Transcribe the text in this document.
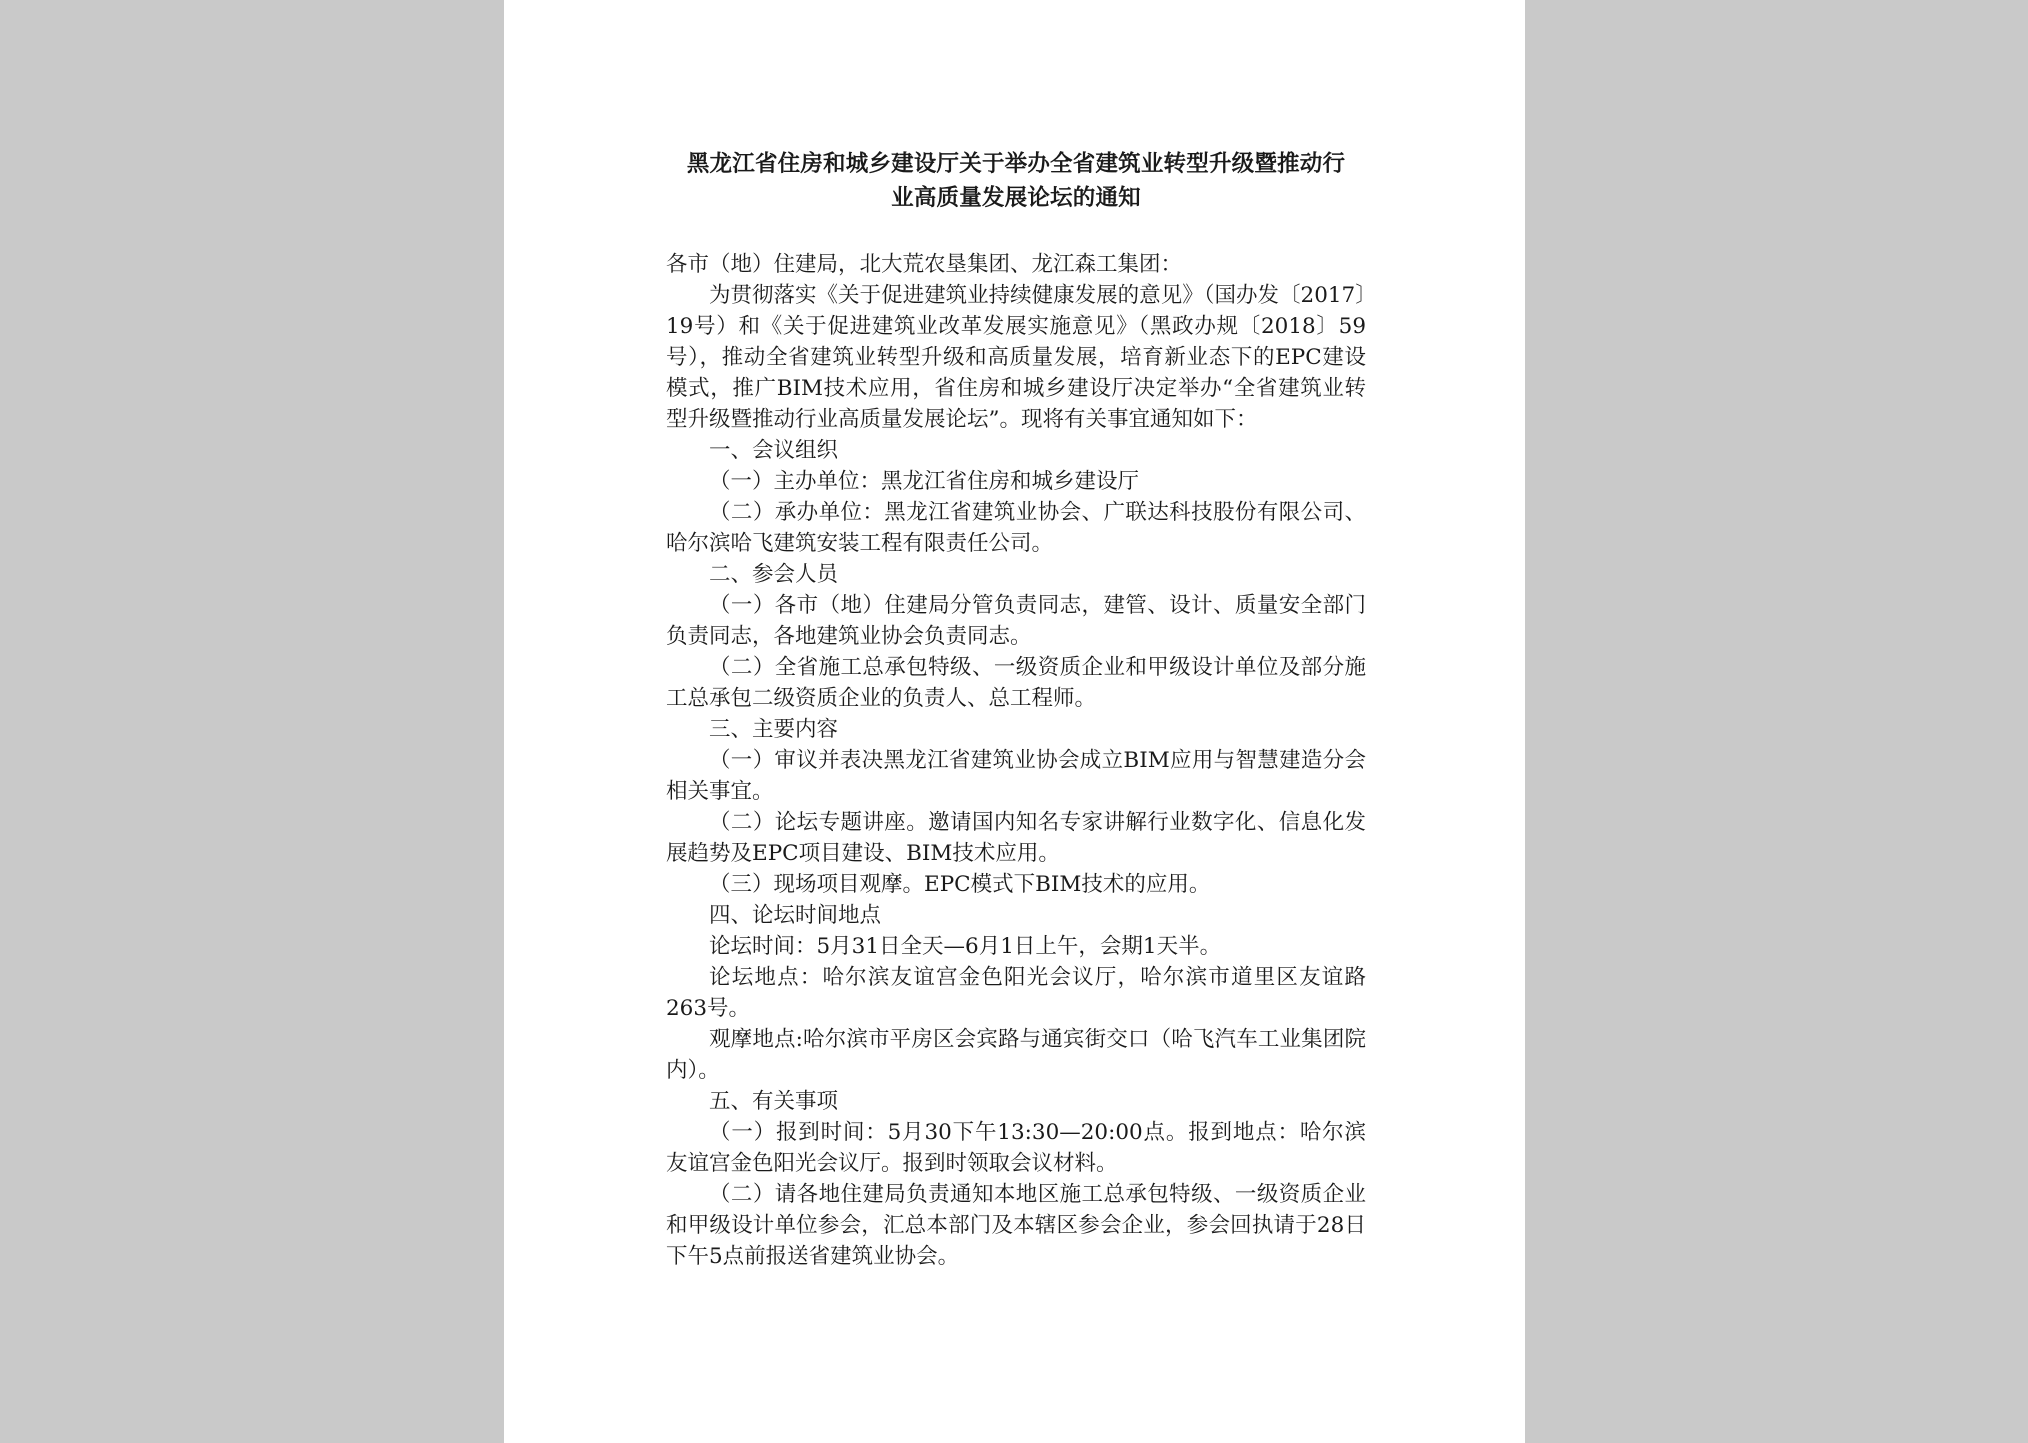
黑龙江省住房和城乡建设厅关于举办全省建筑业转型升级暨推动行
业高质量发展论坛的通知

各市（地）住建局，北大荒农垦集团、龙江森工集团：

为贯彻落实《关于促进建筑业持续健康发展的意见》（国办发〔2017〕19号）和《关于促进建筑业改革发展实施意见》（黑政办规〔2018〕59号），推动全省建筑业转型升级和高质量发展，培育新业态下的EPC建设模式，推广BIM技术应用，省住房和城乡建设厅决定举办“全省建筑业转型升级暨推动行业高质量发展论坛”。现将有关事宜通知如下：

一、会议组织

（一）主办单位：黑龙江省住房和城乡建设厅

（二）承办单位：黑龙江省建筑业协会、广联达科技股份有限公司、哈尔滨哈飞建筑安装工程有限责任公司。

二、参会人员

（一）各市（地）住建局分管负责同志，建管、设计、质量安全部门负责同志，各地建筑业协会负责同志。

（二）全省施工总承包特级、一级资质企业和甲级设计单位及部分施工总承包二级资质企业的负责人、总工程师。

三、主要内容

（一）审议并表决黑龙江省建筑业协会成立BIM应用与智慧建造分会相关事宜。

（二）论坛专题讲座。邀请国内知名专家讲解行业数字化、信息化发展趋势及EPC项目建设、BIM技术应用。

（三）现场项目观摩。EPC模式下BIM技术的应用。

四、论坛时间地点

论坛时间：5月31日全天—6月1日上午，会期1天半。

论坛地点：哈尔滨友谊宫金色阳光会议厅，哈尔滨市道里区友谊路263号。

观摩地点:哈尔滨市平房区会宾路与通宾街交口（哈飞汽车工业集团院内）。

五、有关事项

（一）报到时间：5月30下午13:30—20:00点。报到地点：哈尔滨友谊宫金色阳光会议厅。报到时领取会议材料。

（二）请各地住建局负责通知本地区施工总承包特级、一级资质企业和甲级设计单位参会，汇总本部门及本辖区参会企业，参会回执请于28日下午5点前报送省建筑业协会。
